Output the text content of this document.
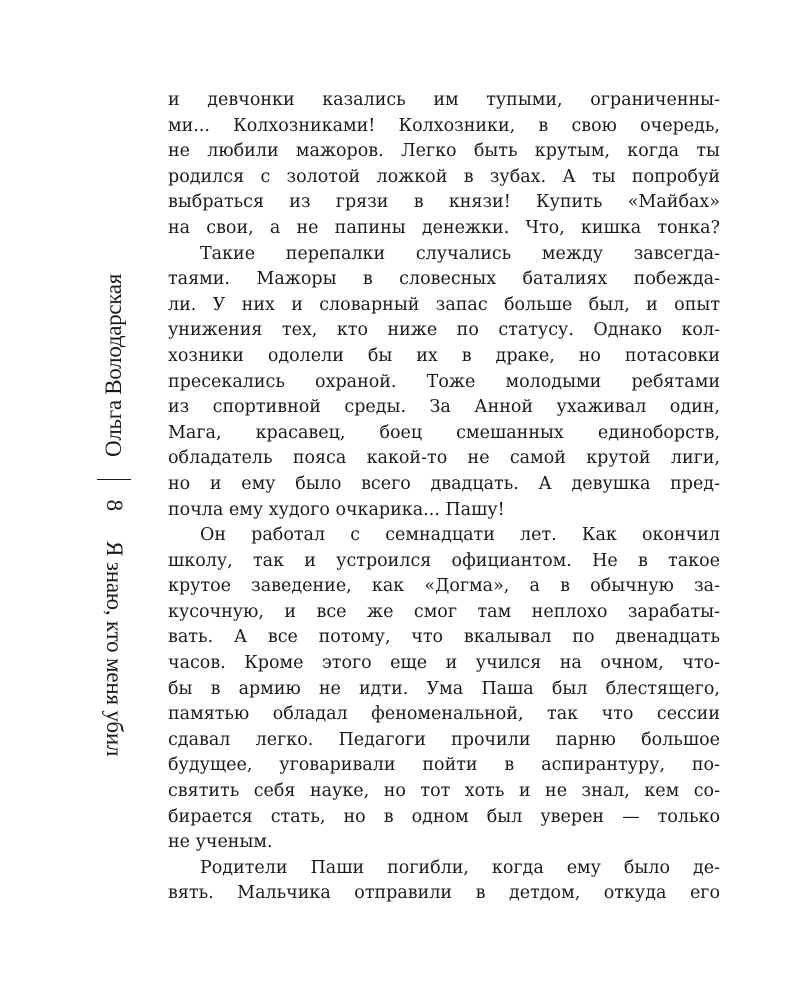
Ольга Володарская
8
Я знаю, кто меня убил

и девчонки казались им тупыми, ограниченны-
ми... Колхозниками! Колхозники, в свою очередь,
не любили мажоров. Легко быть крутым, когда ты
родился с золотой ложкой в зубах. А ты попробуй
выбраться из грязи в князи! Купить «Майбах»
на свои, а не папины денежки. Что, кишка тонка?

Такие перепалки случались между завсегда-
таями. Мажоры в словесных баталиях побежда-
ли. У них и словарный запас больше был, и опыт
унижения тех, кто ниже по статусу. Однако кол-
хозники одолели бы их в драке, но потасовки
пресекались охраной. Тоже молодыми ребятами
из спортивной среды. За Анной ухаживал один,
Мага, красавец, боец смешанных единоборств,
обладатель пояса какой-то не самой крутой лиги,
но и ему было всего двадцать. А девушка пред-
почла ему худого очкарика... Пашу!

Он работал с семнадцати лет. Как окончил
школу, так и устроился официантом. Не в такое
крутое заведение, как «Догма», а в обычную за-
кусочную, и все же смог там неплохо зарабаты-
вать. А все потому, что вкалывал по двенадцать
часов. Кроме этого еще и учился на очном, что-
бы в армию не идти. Ума Паша был блестящего,
памятью обладал феноменальной, так что сессии
сдавал легко. Педагоги прочили парню большое
будущее, уговаривали пойти в аспирантуру, по-
святить себя науке, но тот хоть и не знал, кем со-
бирается стать, но в одном был уверен — только
не ученым.

Родители Паши погибли, когда ему было де-
вять. Мальчика отправили в детдом, откуда его
